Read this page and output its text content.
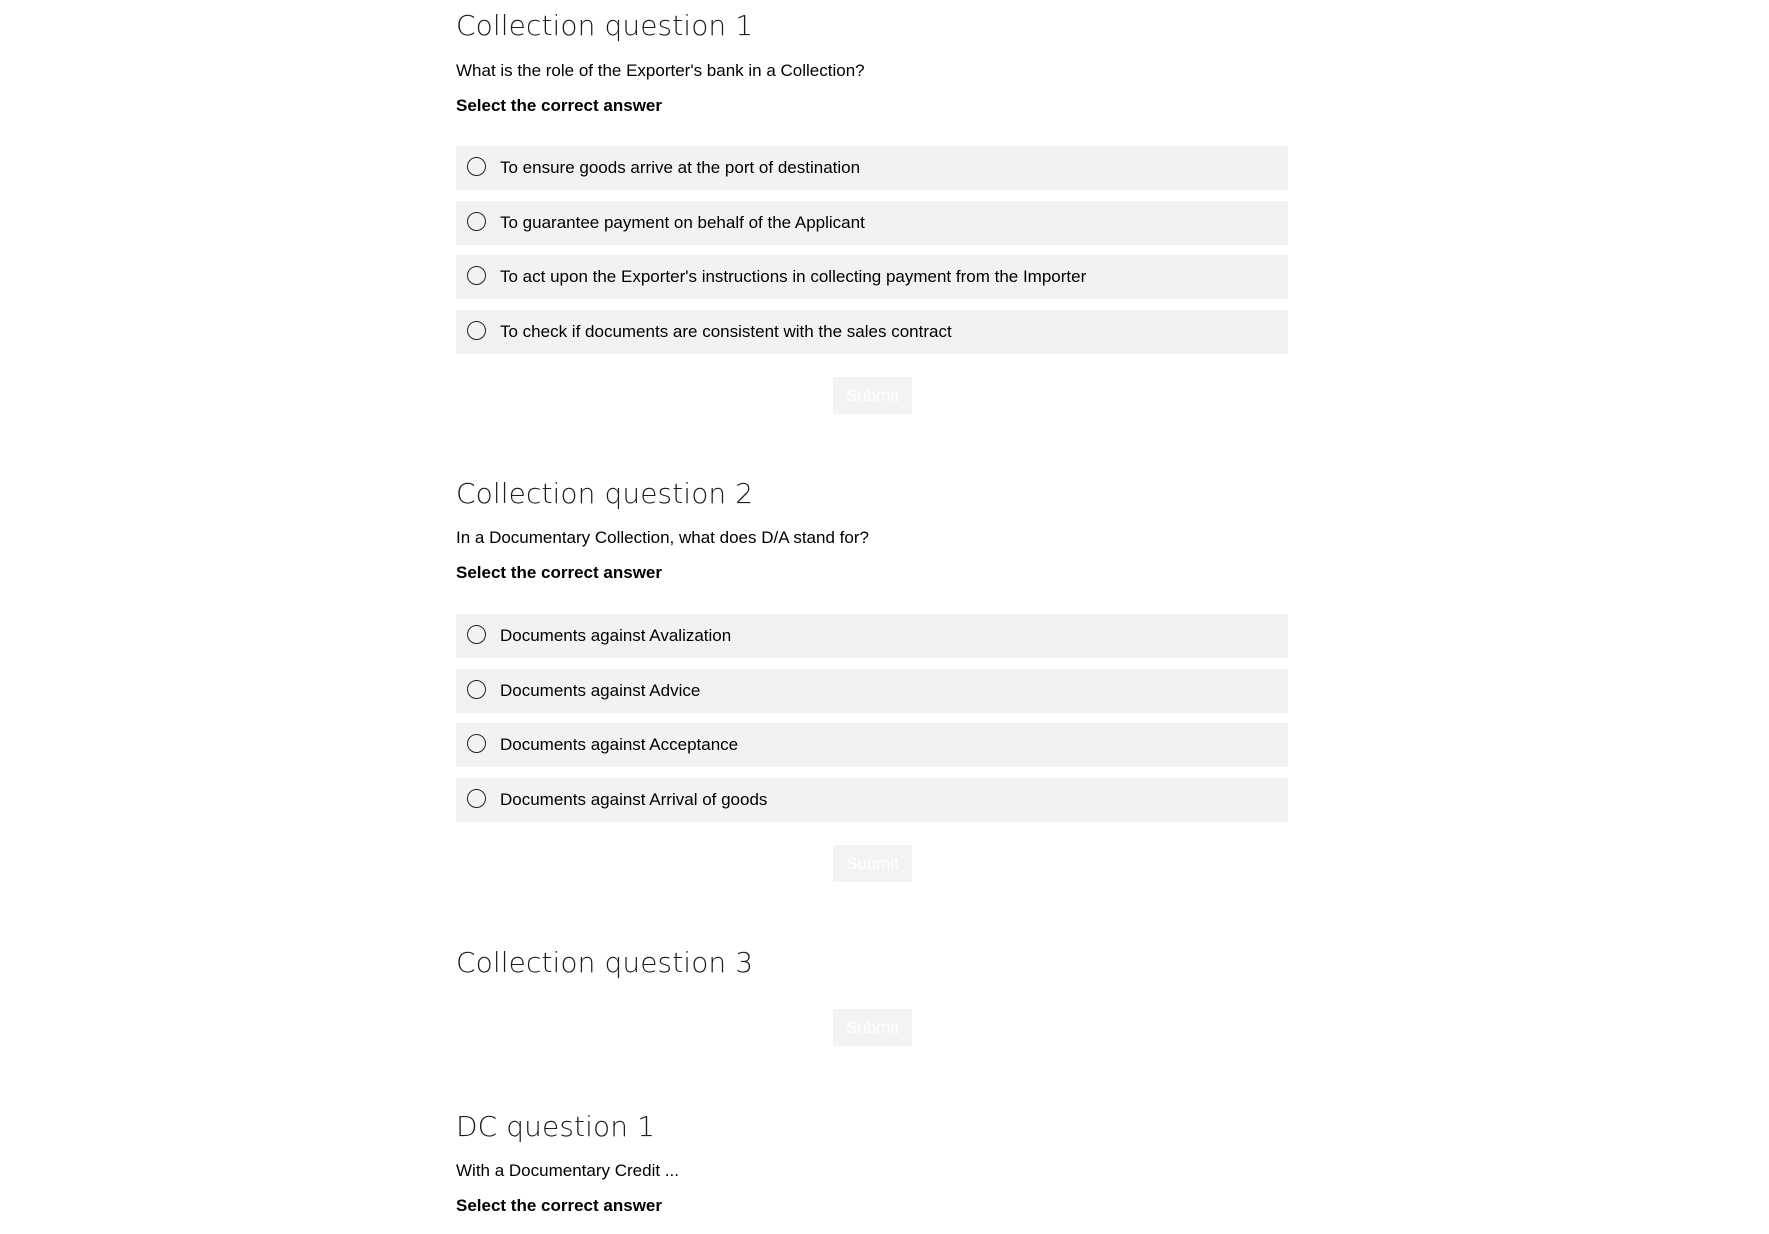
Collection question 1

What is the role of the Exporter's bank in a Collection?

Select the correct answer

To ensure goods arrive at the port of destination
To guarantee payment on behalf of the Applicant
To act upon the Exporter's instructions in collecting payment from the Importer
To check if documents are consistent with the sales contract
Submit
Collection question 2

In a Documentary Collection, what does D/A stand for?

Select the correct answer

Documents against Avalization
Documents against Advice
Documents against Acceptance
Documents against Arrival of goods
Submit
Collection question 3
Submit
DC question 1

With a Documentary Credit ...

Select the correct answer
